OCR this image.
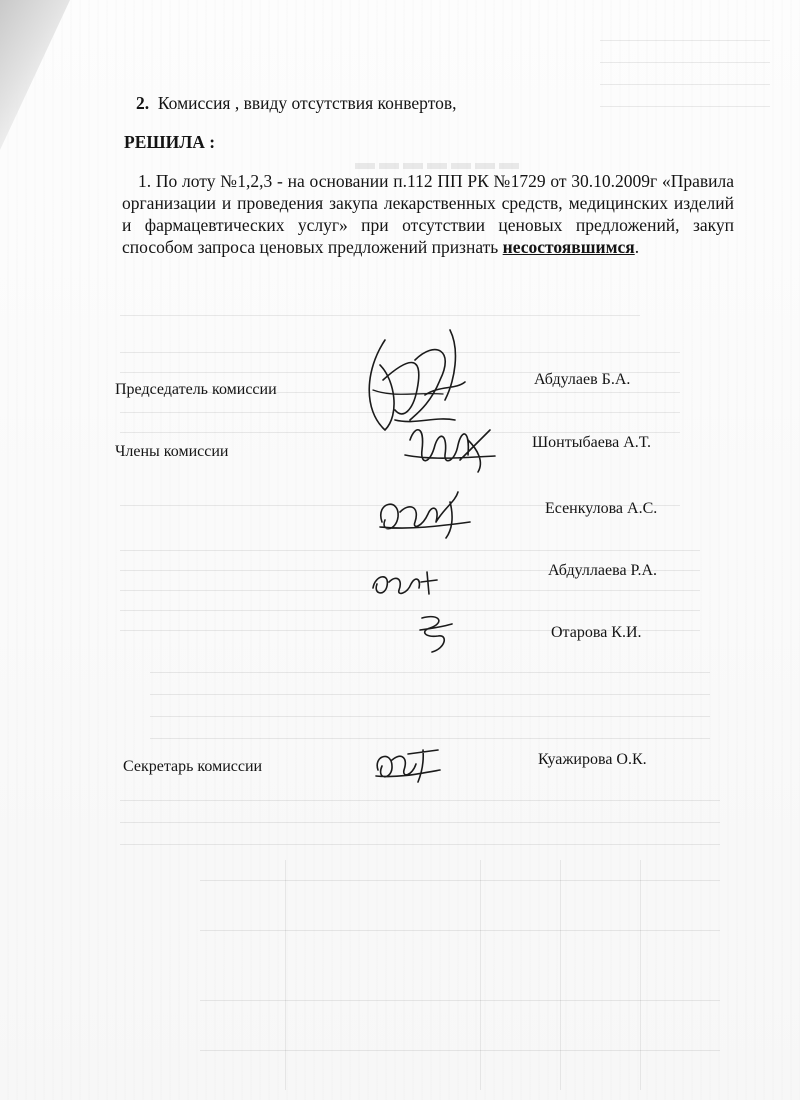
▬▬▬▬▬▬▬
2. Комиссия , ввиду отсутствия конвертов,
РЕШИЛА :
1. По лоту №1,2,3 - на основании п.112 ПП РК №1729 от 30.10.2009г «Правила организации и проведения закупа лекарственных средств, медицинских изделий и фармацевтических услуг» при отсутствии ценовых предложений, закуп способом запроса ценовых предложений признать несостоявшимся.
Председатель комиссии
Члены комиссии
Секретарь комиссии
Абдулаев Б.А.
Шонтыбаева А.Т.
Есенкулова А.С.
Абдуллаева Р.А.
Отарова К.И.
Куажирова О.К.
